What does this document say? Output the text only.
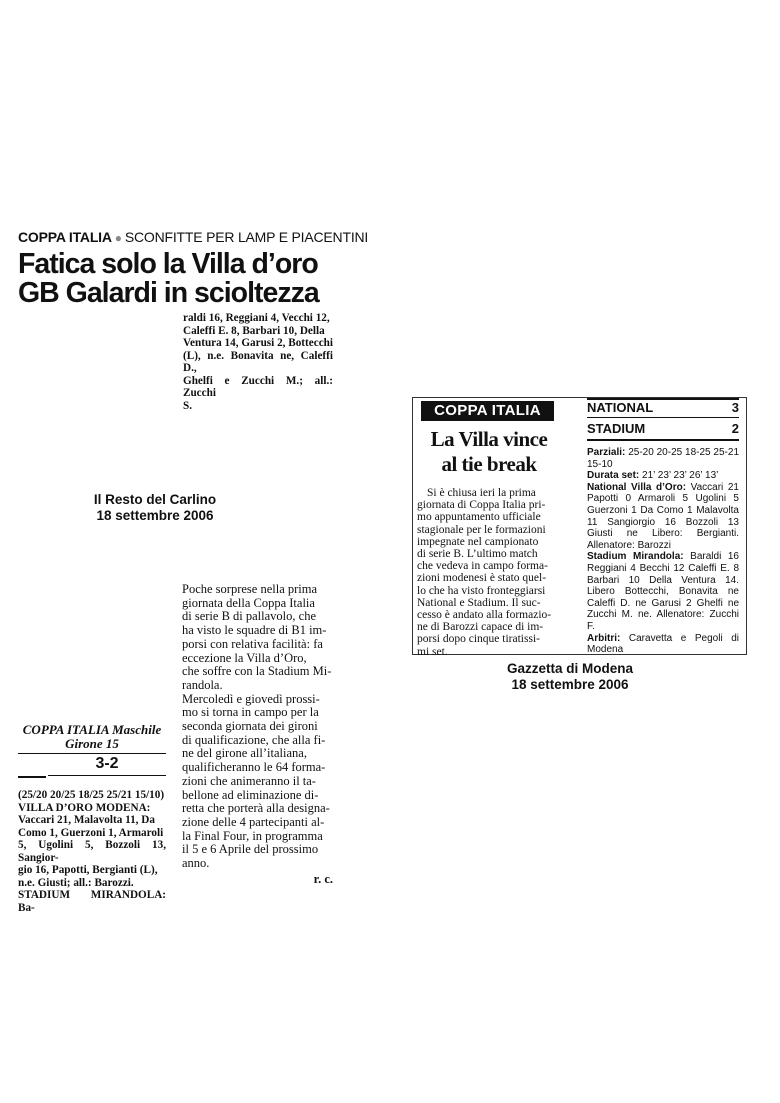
COPPA ITALIA ● SCONFITTE PER LAMP E PIACENTINI
Fatica solo la Villa d’oro
GB Galardi in scioltezza
raldi 16, Reggiani 4, Vecchi 12,
Caleffi E. 8, Barbari 10, Della
Ventura 14, Garusi 2, Bottecchi
(L), n.e. Bonavita ne, Caleffi D.,
Ghelfi e Zucchi M.; all.: Zucchi
S.
Il Resto del Carlino
18 settembre 2006
COPPA ITALIA Maschile
Girone 15
3-2
(25/20 20/25 18/25 25/21 15/10)
VILLA D’ORO MODENA:
Vaccari 21, Malavolta 11, Da
Como 1, Guerzoni 1, Armaroli
5, Ugolini 5, Bozzoli 13, Sangior-
gio 16, Papotti, Bergianti (L),
n.e. Giusti; all.: Barozzi.
STADIUM MIRANDOLA: Ba-
Poche sorprese nella prima
giornata della Coppa Italia
di serie B di pallavolo, che
ha visto le squadre di B1 im-
porsi con relativa facilità: fa
eccezione la Villa d’Oro,
che soffre con la Stadium Mi-
randola.
Mercoledì e giovedì prossi-
mo si torna in campo per la
seconda giornata dei gironi
di qualificazione, che alla fi-
ne del girone all’italiana,
qualificheranno le 64 forma-
zioni che animeranno il ta-
bellone ad eliminazione di-
retta che porterà alla designa-
zione delle 4 partecipanti al-
la Final Four, in programma
il 5 e 6 Aprile del prossimo
anno.
r. c.
COPPA ITALIA
La Villa vince
al tie break
Si è chiusa ieri la prima
giornata di Coppa Italia pri-
mo appuntamento ufficiale
stagionale per le formazioni
impegnate nel campionato
di serie B. L’ultimo match
che vedeva in campo forma-
zioni modenesi è stato quel-
lo che ha visto fronteggiarsi
National e Stadium. Il suc-
cesso è andato alla formazio-
ne di Barozzi capace di im-
porsi dopo cinque tiratissi-
mi set.
NATIONAL	3
STADIUM	2
Parziali: 25-20 20-25 18-25 25-21 15-10
Durata set: 21’ 23’ 23’ 26’ 13’
National Villa d’Oro: Vaccari 21 Papotti 0 Armaroli 5 Ugolini 5 Guerzoni 1 Da Como 1 Malavolta 11 Sangiorgio 16 Bozzoli 13 Giusti ne Libero: Bergianti. Allenatore: Barozzi
Stadium Mirandola: Baraldi 16 Reggiani 4 Becchi 12 Caleffi E. 8 Barbari 10 Della Ventura 14. Libero Bottecchi, Bonavita ne Caleffi D. ne Garusi 2 Ghelfi ne Zucchi M. ne. Allenatore: Zucchi F.
Arbitri: Caravetta e Pegoli di Modena
Gazzetta di Modena
18 settembre 2006
